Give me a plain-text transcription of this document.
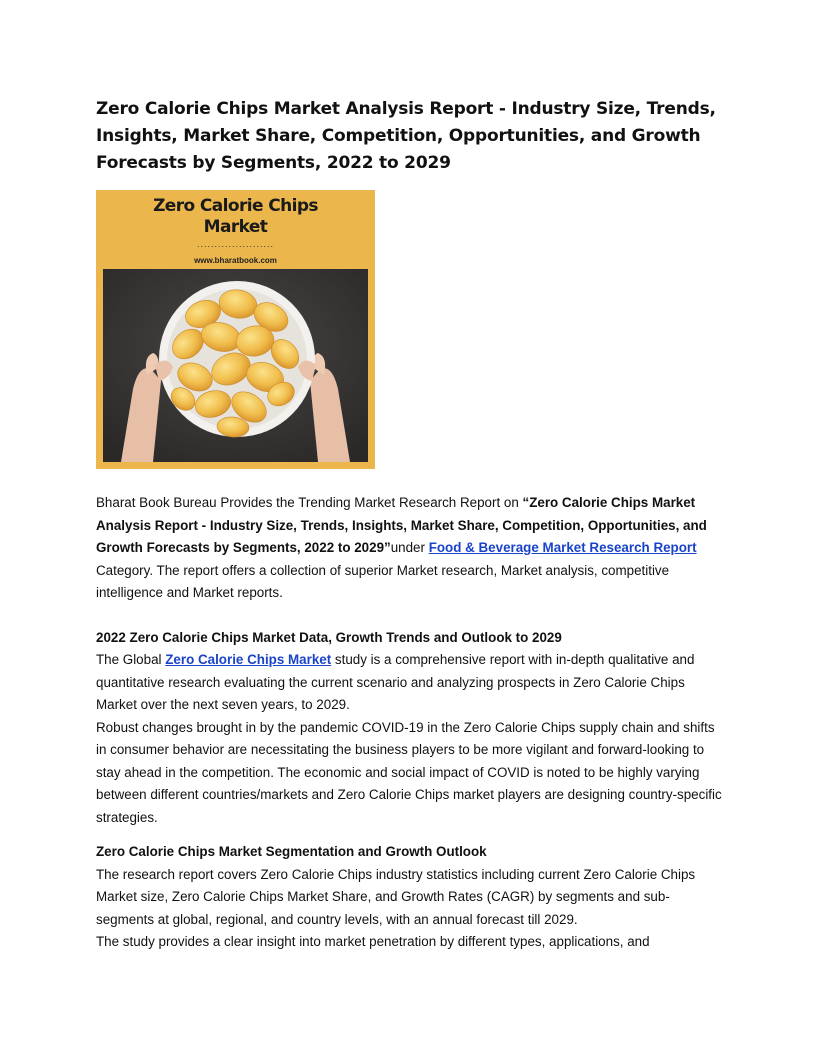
Zero Calorie Chips Market Analysis Report - Industry Size, Trends, Insights, Market Share, Competition, Opportunities, and Growth Forecasts by Segments, 2022 to 2029
Zero Calorie Chips
Market
......................
www.bharatbook.com

Bharat Book Bureau Provides the Trending Market Research Report on “Zero Calorie Chips Market Analysis Report - Industry Size, Trends, Insights, Market Share, Competition, Opportunities, and Growth Forecasts by Segments, 2022 to 2029”under Food & Beverage Market Research Report Category. The report offers a collection of superior Market research, Market analysis, competitive intelligence and Market reports.

2022 Zero Calorie Chips Market Data, Growth Trends and Outlook to 2029

The Global Zero Calorie Chips Market study is a comprehensive report with in-depth qualitative and quantitative research evaluating the current scenario and analyzing prospects in Zero Calorie Chips Market over the next seven years, to 2029.

Robust changes brought in by the pandemic COVID-19 in the Zero Calorie Chips supply chain and shifts in consumer behavior are necessitating the business players to be more vigilant and forward-looking to stay ahead in the competition. The economic and social impact of COVID is noted to be highly varying between different countries/markets and Zero Calorie Chips market players are designing country-specific strategies.

Zero Calorie Chips Market Segmentation and Growth Outlook

The research report covers Zero Calorie Chips industry statistics including current Zero Calorie Chips Market size, Zero Calorie Chips Market Share, and Growth Rates (CAGR) by segments and sub-segments at global, regional, and country levels, with an annual forecast till 2029.

The study provides a clear insight into market penetration by different types, applications, and
